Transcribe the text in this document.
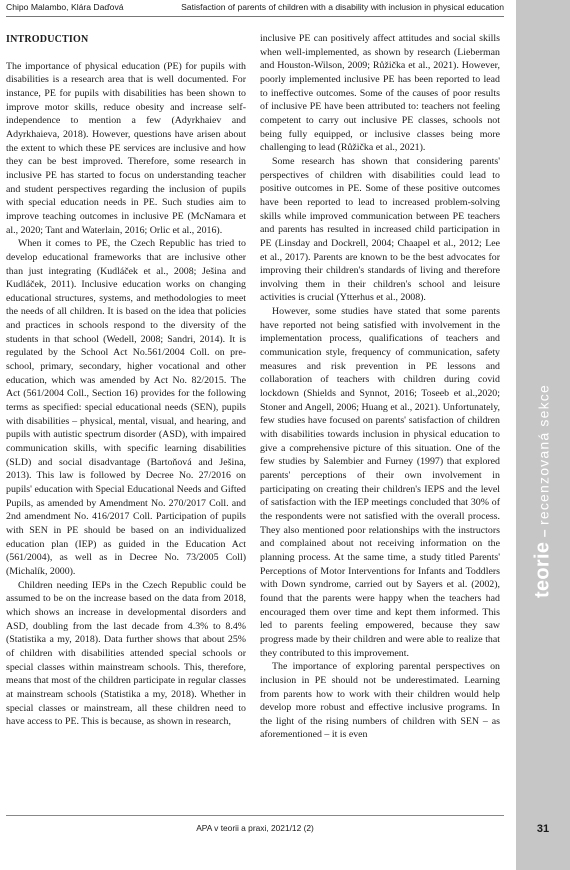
Chipo Malambo, Klára Daďová	Satisfaction of parents of children with a disability with inclusion in physical education
INTRODUCTION

The importance of physical education (PE) for pupils with disabilities is a research area that is well documented. For instance, PE for pupils with disabilities has been shown to improve motor skills, reduce obesity and increase self-independence to mention a few (Adyrkhaiev and Adyrkhaieva, 2018). However, questions have arisen about the extent to which these PE services are inclusive and how they can be best improved. Therefore, some research in inclusive PE has started to focus on understanding teacher and student perspectives regarding the inclusion of pupils with special education needs in PE. Such studies aim to improve teaching outcomes in inclusive PE (McNamara et al., 2020; Tant and Waterlain, 2016; Orlic et al., 2016).

When it comes to PE, the Czech Republic has tried to develop educational frameworks that are inclusive other than just integrating (Kudláček et al., 2008; Ješina and Kudláček, 2011). Inclusive education works on changing educational structures, systems, and methodologies to meet the needs of all children. It is based on the idea that policies and practices in schools respond to the diversity of the students in that school (Wedell, 2008; Sandri, 2014). It is regulated by the School Act No.561/2004 Coll. on pre-school, primary, secondary, higher vocational and other education, which was amended by Act No. 82/2015. The Act (561/2004 Coll., Section 16) provides for the following terms as specified: special educational needs (SEN), pupils with disabilities – physical, mental, visual, and hearing, and pupils with autistic spectrum disorder (ASD), with impaired communication skills, with specific learning disabilities (SLD) and social disadvantage (Bartoňová and Ješina, 2013). This law is followed by Decree No. 27/2016 on pupils' education with Special Educational Needs and Gifted Pupils, as amended by Amendment No. 270/2017 Coll. and 2nd amendment No. 416/2017 Coll. Participation of pupils with SEN in PE should be based on an individualized education plan (IEP) as guided in the Education Act (561/2004), as well as in Decree No. 73/2005 Coll) (Michalík, 2000).

Children needing IEPs in the Czech Republic could be assumed to be on the increase based on the data from 2018, which shows an increase in developmental disorders and ASD, doubling from the last decade from 4.3% to 8.4% (Statistika a my, 2018). Data further shows that about 25% of children with disabilities attended special schools or special classes within mainstream schools. This, therefore, means that most of the children participate in regular classes at mainstream schools (Statistika a my, 2018). Whether in special classes or mainstream, all these children need to have access to PE. This is because, as shown in research,

inclusive PE can positively affect attitudes and social skills when well-implemented, as shown by research (Lieberman and Houston-Wilson, 2009; Růžička et al., 2021). However, poorly implemented inclusive PE has been reported to lead to ineffective outcomes. Some of the causes of poor results of inclusive PE have been attributed to: teachers not feeling competent to carry out inclusive PE classes, schools not being fully equipped, or inclusive classes being more challenging to lead (Růžička et al., 2021).

Some research has shown that considering parents' perspectives of children with disabilities could lead to positive outcomes in PE. Some of these positive outcomes have been reported to lead to increased problem-solving skills while improved communication between PE teachers and parents has resulted in increased child participation in PE (Linsday and Dockrell, 2004; Chaapel et al., 2012; Lee et al., 2017). Parents are known to be the best advocates for improving their children's standards of living and therefore involving them in their children's school and leisure activities is crucial (Ytterhus et al., 2008).

However, some studies have stated that some parents have reported not being satisfied with involvement in the implementation process, qualifications of teachers and communication style, frequency of communication, safety measures and risk prevention in PE lessons and collaboration of teachers with children during covid lockdown (Shields and Synnot, 2016; Toseeb et al.,2020; Stoner and Angell, 2006; Huang et al., 2021). Unfortunately, few studies have focused on parents' satisfaction of children with disabilities towards inclusion in physical education to give a comprehensive picture of this situation. One of the few studies by Salembier and Furney (1997) that explored parents' perceptions of their own involvement in participating on creating their children's IEPS and the level of satisfaction with the IEP meetings concluded that 30% of the respondents were not satisfied with the overall process. They also mentioned poor relationships with the instructors and complained about not receiving information on the planning process. At the same time, a study titled Parents' Perceptions of Motor Interventions for Infants and Toddlers with Down syndrome, carried out by Sayers et al. (2002), found that the parents were happy when the teachers had encouraged them over time and kept them informed. This led to parents feeling empowered, because they saw progress made by their children and were able to realize that they contributed to this improvement.

The importance of exploring parental perspectives on inclusion in PE should not be underestimated. Learning from parents how to work with their children would help develop more robust and effective inclusive programs. In the light of the rising numbers of children with SEN – as aforementioned – it is even

teorie – recenzovaná sekce
APA v teorii a praxi, 2021/12 (2)	31
